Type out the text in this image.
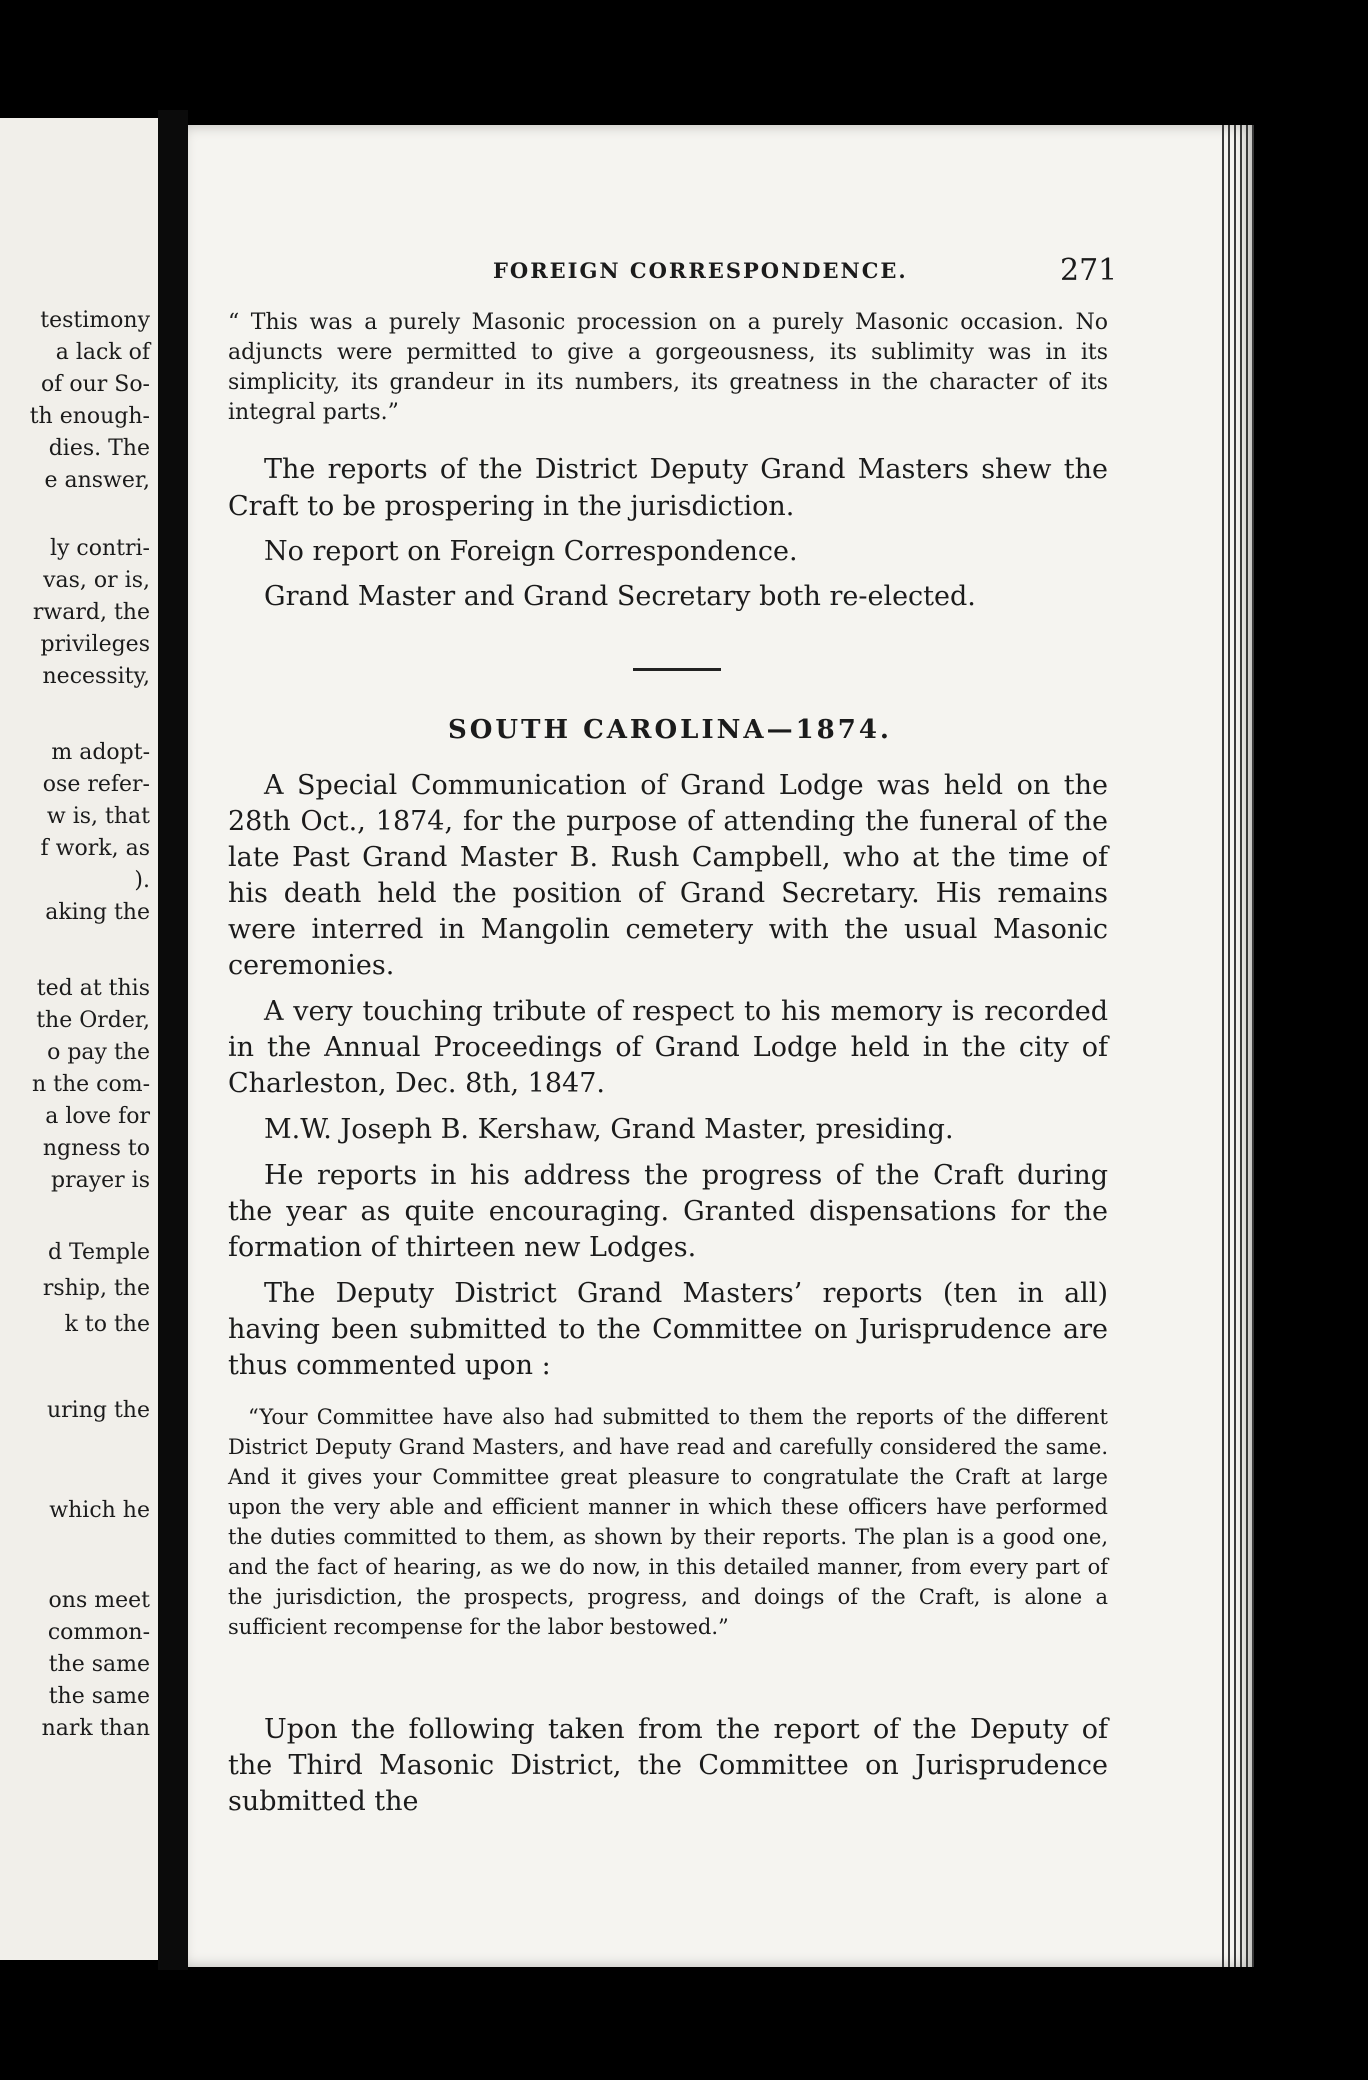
testimony
a lack of
of our So-
th enough-
dies. The
e answer,
ly contri-
vas, or is,
rward, the
privileges
necessity,
m adopt-
ose refer-
w is, that
f work, as
).
aking the
ted at this
the Order,
o pay the
n the com-
a love for
ngness to
prayer is
d Temple
rship, the
k to the
uring the
which he
ons meet
common-
the same
the same
nark than
FOREIGN CORRESPONDENCE.	271

“ This was a purely Masonic procession on a purely Masonic occasion. No adjuncts were permitted to give a gorgeousness, its sublimity was in its simplicity, its grandeur in its numbers, its greatness in the character of its integral parts.”

The reports of the District Deputy Grand Masters shew the Craft to be prospering in the jurisdiction.

No report on Foreign Correspondence.

Grand Master and Grand Secretary both re-elected.

SOUTH CAROLINA—1874.

A Special Communication of Grand Lodge was held on the 28th Oct., 1874, for the purpose of attending the funeral of the late Past Grand Master B. Rush Campbell, who at the time of his death held the position of Grand Secretary. His remains were interred in Mangolin cemetery with the usual Masonic ceremonies.

A very touching tribute of respect to his memory is recorded in the Annual Proceedings of Grand Lodge held in the city of Charleston, Dec. 8th, 1847.

M.W. Joseph B. Kershaw, Grand Master, presiding.

He reports in his address the progress of the Craft during the year as quite encouraging. Granted dispensations for the formation of thirteen new Lodges.

The Deputy District Grand Masters’ reports (ten in all) having been submitted to the Committee on Jurisprudence are thus commented upon :

“Your Committee have also had submitted to them the reports of the different District Deputy Grand Masters, and have read and carefully considered the same. And it gives your Committee great pleasure to congratulate the Craft at large upon the very able and efficient manner in which these officers have performed the duties committed to them, as shown by their reports. The plan is a good one, and the fact of hearing, as we do now, in this detailed manner, from every part of the jurisdiction, the prospects, progress, and doings of the Craft, is alone a sufficient recompense for the labor bestowed.”

Upon the following taken from the report of the Deputy of the Third Masonic District, the Committee on Jurisprudence submitted the
